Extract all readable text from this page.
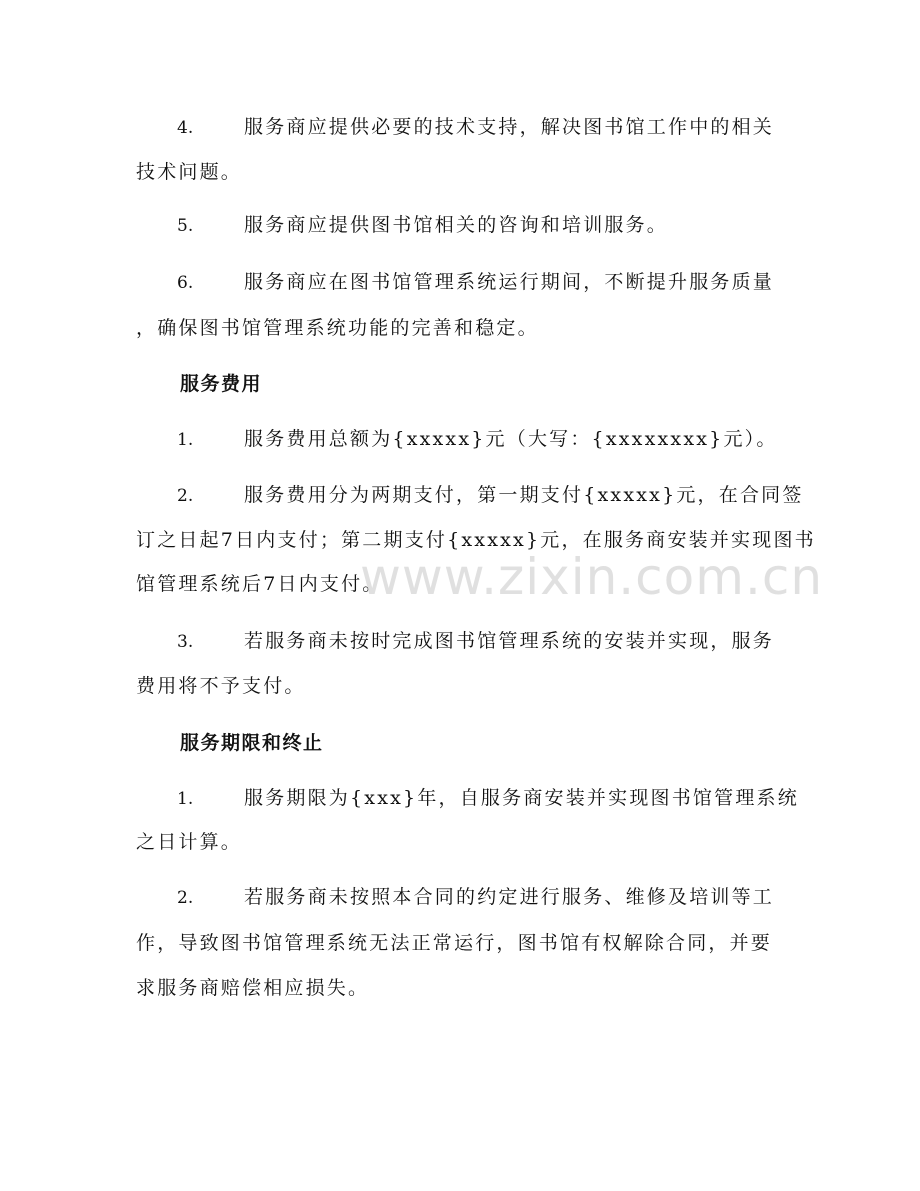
4.	服务商应提供必要的技术支持，解决图书馆工作中的相关
技术问题。
5.	服务商应提供图书馆相关的咨询和培训服务。
6.	服务商应在图书馆管理系统运行期间，不断提升服务质量
，确保图书馆管理系统功能的完善和稳定。
服务费用
1.	服务费用总额为{xxxxx}元（大写：{xxxxxxxx}元）。
2.	服务费用分为两期支付，第一期支付{xxxxx}元，在合同签
订之日起7日内支付；第二期支付{xxxxx}元，在服务商安装并实现图书
馆管理系统后7日内支付。
www.zixin.com.cn
3.	若服务商未按时完成图书馆管理系统的安装并实现，服务
费用将不予支付。
服务期限和终止
1.	服务期限为{xxx}年，自服务商安装并实现图书馆管理系统
之日计算。
2.	若服务商未按照本合同的约定进行服务、维修及培训等工
作，导致图书馆管理系统无法正常运行，图书馆有权解除合同，并要
求服务商赔偿相应损失。
